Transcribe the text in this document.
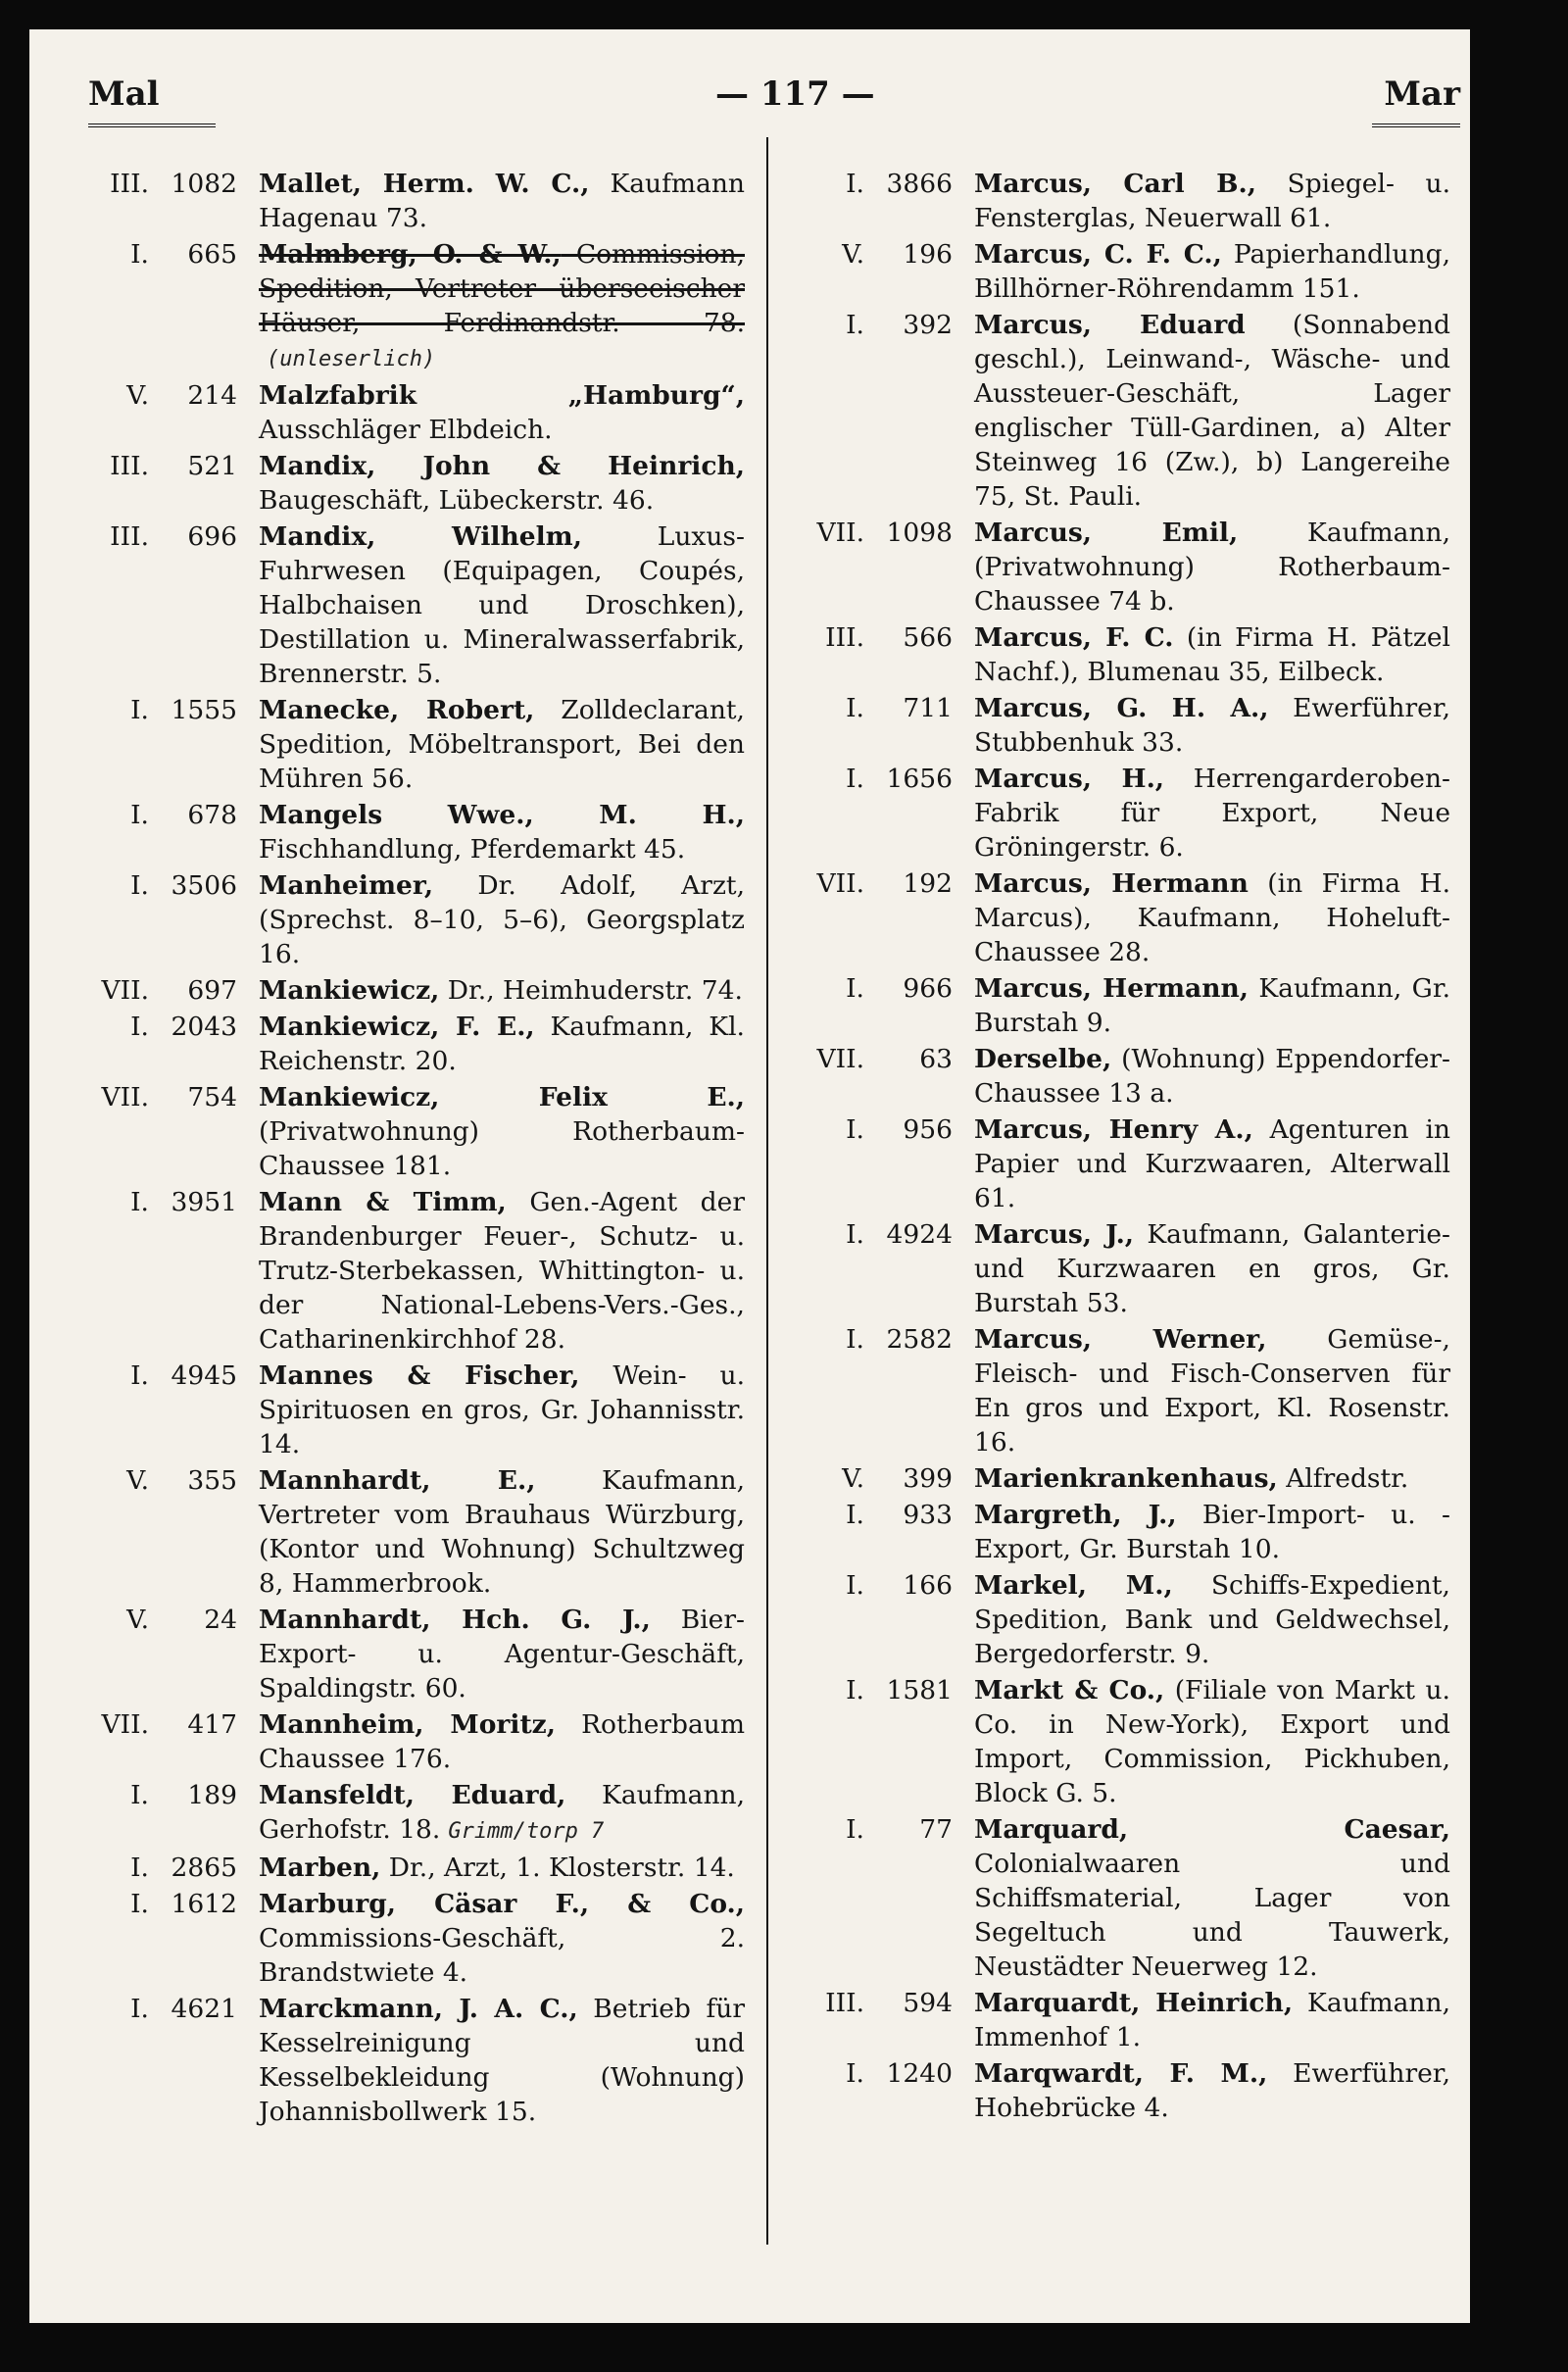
Mal	— 117 —	Mar
III. 1082 Mallet, Herm. W. C., Kaufmann Hagenau 73.
I.	665 Malmberg, O. & W., Commission, Spedition, Vertreter überseeischer Häuser, Ferdinandstr. 78.(unleserlich)
V.	214 Malzfabrik „Hamburg“, Ausschläger Elbdeich.
III.	521 Mandix, John & Heinrich, Baugeschäft, Lübeckerstr. 46.
III.	696 Mandix, Wilhelm, Luxus-Fuhrwesen (Equipagen, Coupés, Halbchaisen und Droschken), Destillation u. Mineralwasserfabrik, Brennerstr. 5.
I. 1555 Manecke, Robert, Zolldeclarant, Spedition, Möbeltransport, Bei den Mühren 56.
I.	678 Mangels Wwe., M. H., Fischhandlung, Pferdemarkt 45.
I. 3506 Manheimer, Dr. Adolf, Arzt, (Sprechst. 8–10, 5–6), Georgsplatz 16.
VII.	697 Mankiewicz, Dr., Heimhuderstr. 74.
I. 2043 Mankiewicz, F. E., Kaufmann, Kl. Reichenstr. 20.
VII.	754 Mankiewicz, Felix E., (Privatwohnung) Rotherbaum-Chaussee 181.
I. 3951 Mann & Timm, Gen.-Agent der Brandenburger Feuer-, Schutz- u. Trutz-Sterbekassen, Whittington- u. der National-Lebens-Vers.-Ges., Catharinenkirchhof 28.
I. 4945 Mannes & Fischer, Wein- u. Spirituosen en gros, Gr. Johannisstr. 14.
V.	355 Mannhardt, E., Kaufmann, Vertreter vom Brauhaus Würzburg, (Kontor und Wohnung) Schultzweg 8, Hammerbrook.
V.	24 Mannhardt, Hch. G. J., Bier-Export- u. Agentur-Geschäft, Spaldingstr. 60.
VII.	417 Mannheim, Moritz, Rotherbaum Chaussee 176.
I.	189 Mansfeldt, Eduard, Kaufmann, Gerhofstr. 18. Grimm/torp 7
I. 2865 Marben, Dr., Arzt, 1. Klosterstr. 14.
I. 1612 Marburg, Cäsar F., & Co., Commissions-Geschäft, 2. Brandstwiete 4.
I. 4621 Marckmann, J. A. C., Betrieb für Kesselreinigung und Kesselbekleidung (Wohnung) Johannisbollwerk 15.
I. 3866 Marcus, Carl B., Spiegel- u. Fensterglas, Neuerwall 61.
V.	196 Marcus, C. F. C., Papierhandlung, Billhörner-Röhrendamm 151.
I.	392 Marcus, Eduard (Sonnabend geschl.), Leinwand-, Wäsche- und Aussteuer-Geschäft, Lager englischer Tüll-Gardinen, a) Alter Steinweg 16 (Zw.), b) Langereihe 75, St. Pauli.
VII. 1098 Marcus, Emil, Kaufmann, (Privatwohnung) Rotherbaum-Chaussee 74 b.
III.	566 Marcus, F. C. (in Firma H. Pätzel Nachf.), Blumenau 35, Eilbeck.
I.	711 Marcus, G. H. A., Ewerführer, Stubbenhuk 33.
I. 1656 Marcus, H., Herrengarderoben-Fabrik für Export, Neue Gröningerstr. 6.
VII.	192 Marcus, Hermann (in Firma H. Marcus), Kaufmann, Hoheluft-Chaussee 28.
I.	966 Marcus, Hermann, Kaufmann, Gr. Burstah 9.
VII.	63 Derselbe, (Wohnung) Eppendorfer-Chaussee 13 a.
I.	956 Marcus, Henry A., Agenturen in Papier und Kurzwaaren, Alterwall 61.
I. 4924 Marcus, J., Kaufmann, Galanterie- und Kurzwaaren en gros, Gr. Burstah 53.
I. 2582 Marcus, Werner, Gemüse-, Fleisch- und Fisch-Conserven für En gros und Export, Kl. Rosenstr. 16.
V.	399 Marienkrankenhaus, Alfredstr.
I.	933 Margreth, J., Bier-Import- u. -Export, Gr. Burstah 10.
I.	166 Markel, M., Schiffs-Expedient, Spedition, Bank und Geldwechsel, Bergedorferstr. 9.
I. 1581 Markt & Co., (Filiale von Markt u. Co. in New-York), Export und Import, Commission, Pickhuben, Block G. 5.
I.	77 Marquard, Caesar, Colonialwaaren und Schiffsmaterial, Lager von Segeltuch und Tauwerk, Neustädter Neuerweg 12.
III.	594 Marquardt, Heinrich, Kaufmann, Immenhof 1.
I. 1240 Marqwardt, F. M., Ewerführer, Hohebrücke 4.
